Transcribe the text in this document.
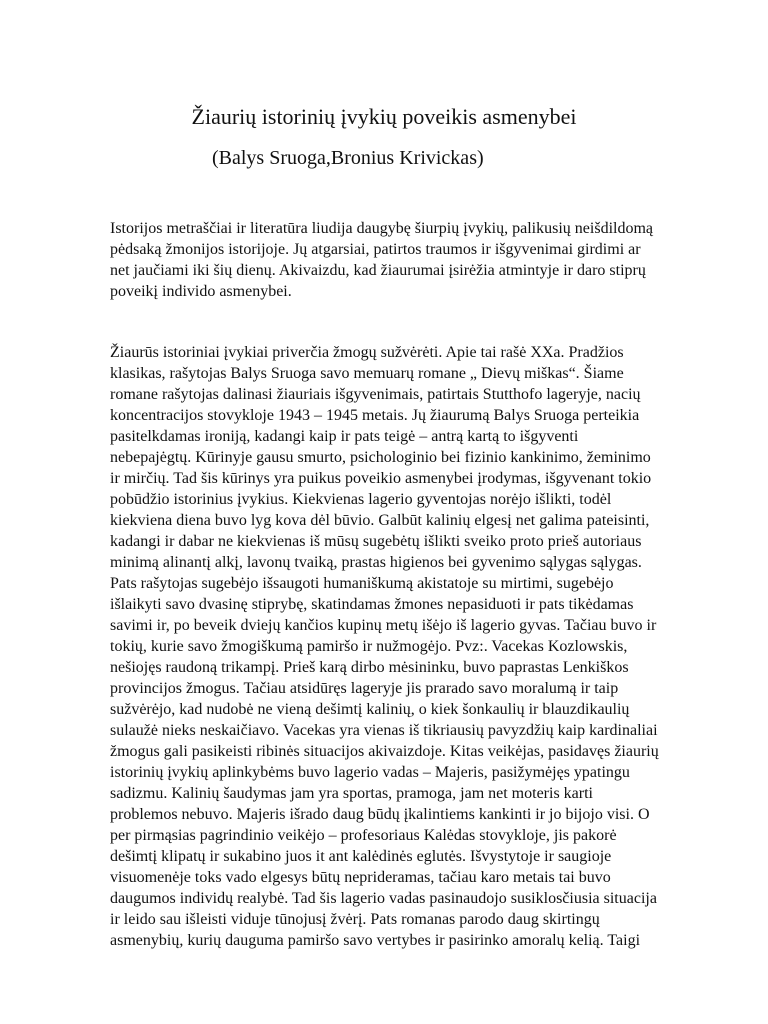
Žiaurių istorinių įvykių poveikis asmenybei
(Balys Sruoga,Bronius Krivickas)

Istorijos metraščiai ir literatūra liudija daugybę šiurpių įvykių, palikusių neišdildomą
pėdsaką žmonijos istorijoje. Jų atgarsiai, patirtos traumos ir išgyvenimai girdimi ar
net jaučiami iki šių dienų. Akivaizdu, kad žiaurumai įsirėžia atmintyje ir daro stiprų
poveikį individo asmenybei.

Žiaurūs istoriniai įvykiai priverčia žmogų sužvėrėti. Apie tai rašė XXa. Pradžios
klasikas, rašytojas Balys Sruoga savo memuarų romane „ Dievų miškas“. Šiame
romane rašytojas dalinasi žiauriais išgyvenimais, patirtais Stutthofo lageryje, nacių
koncentracijos stovykloje 1943 – 1945 metais. Jų žiaurumą Balys Sruoga perteikia
pasitelkdamas ironiją, kadangi kaip ir pats teigė – antrą kartą to išgyventi
nebepajėgtų. Kūrinyje gausu smurto, psichologinio bei fizinio kankinimo, žeminimo
ir mirčių. Tad šis kūrinys yra puikus poveikio asmenybei įrodymas, išgyvenant tokio
pobūdžio istorinius įvykius. Kiekvienas lagerio gyventojas norėjo išlikti, todėl
kiekviena diena buvo lyg kova dėl būvio. Galbūt kalinių elgesį net galima pateisinti,
kadangi ir dabar ne kiekvienas iš mūsų sugebėtų išlikti sveiko proto prieš autoriaus
minimą alinantį alkį, lavonų tvaiką, prastas higienos bei gyvenimo sąlygas sąlygas.
Pats rašytojas sugebėjo išsaugoti humaniškumą akistatoje su mirtimi, sugebėjo
išlaikyti savo dvasinę stiprybę, skatindamas žmones nepasiduoti ir pats tikėdamas
savimi ir, po beveik dviejų kančios kupinų metų išėjo iš lagerio gyvas. Tačiau buvo ir
tokių, kurie savo žmogiškumą pamiršo ir nužmogėjo. Pvz:. Vacekas Kozlowskis,
nešiojęs raudoną trikampį. Prieš karą dirbo mėsininku, buvo paprastas Lenkiškos
provincijos žmogus. Tačiau atsidūręs lageryje jis prarado savo moralumą ir taip
sužvėrėjo, kad nudobė ne vieną dešimtį kalinių, o kiek šonkaulių ir blauzdikaulių
sulaužė nieks neskaičiavo. Vacekas yra vienas iš tikriausių pavyzdžių kaip kardinaliai
žmogus gali pasikeisti ribinės situacijos akivaizdoje. Kitas veikėjas, pasidavęs žiaurių
istorinių įvykių aplinkybėms buvo lagerio vadas – Majeris, pasižymėjęs ypatingu
sadizmu. Kalinių šaudymas jam yra sportas, pramoga, jam net moteris karti
problemos nebuvo. Majeris išrado daug būdų įkalintiems kankinti ir jo bijojo visi. O
per pirmąsias pagrindinio veikėjo – profesoriaus Kalėdas stovykloje, jis pakorė
dešimtį klipatų ir sukabino juos it ant kalėdinės eglutės. Išvystytoje ir saugioje
visuomenėje toks vado elgesys būtų neprideramas, tačiau karo metais tai buvo
daugumos individų realybė. Tad šis lagerio vadas pasinaudojo susiklosčiusia situacija
ir leido sau išleisti viduje tūnojusį žvėrį. Pats romanas parodo daug skirtingų
asmenybių, kurių dauguma pamiršo savo vertybes ir pasirinko amoralų kelią. Taigi
